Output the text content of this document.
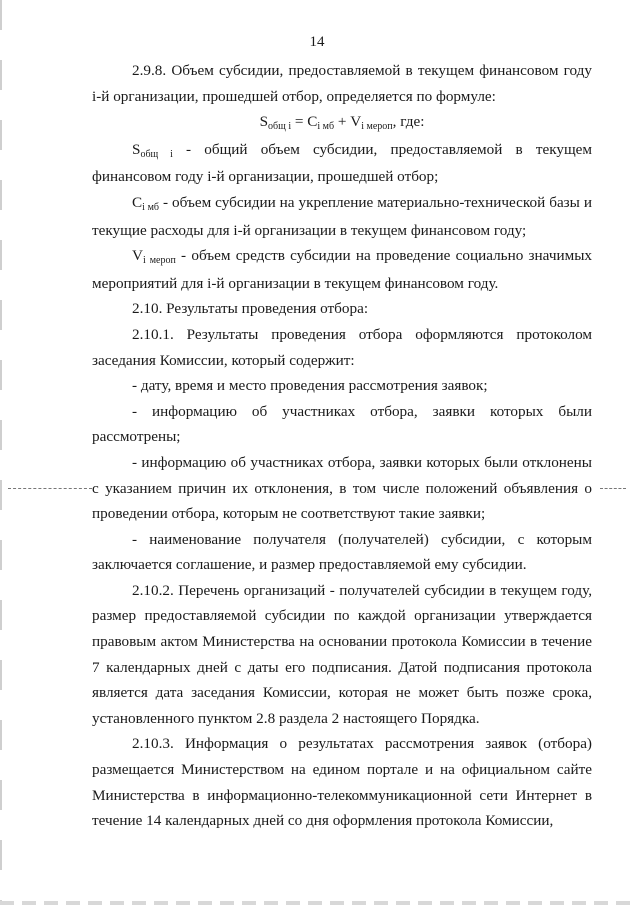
14

2.9.8. Объем субсидии, предоставляемой в текущем финансовом году i-й организации, прошедшей отбор, определяется по формуле:

Sобщ i = Ci мб + Vi мероп, где:

Sобщ i - общий объем субсидии, предоставляемой в текущем финансовом году i-й организации, прошедшей отбор;

Ci мб - объем субсидии на укрепление материально-технической базы и текущие расходы для i-й организации в текущем финансовом году;

Vi мероп - объем средств субсидии на проведение социально значимых мероприятий для i-й организации в текущем финансовом году.

2.10. Результаты проведения отбора:

2.10.1. Результаты проведения отбора оформляются протоколом заседания Комиссии, который содержит:

- дату, время и место проведения рассмотрения заявок;

- информацию об участниках отбора, заявки которых были рассмотрены;

- информацию об участниках отбора, заявки которых были отклонены с указанием причин их отклонения, в том числе положений объявления о проведении отбора, которым не соответствуют такие заявки;

- наименование получателя (получателей) субсидии, с которым заключается соглашение, и размер предоставляемой ему субсидии.

2.10.2. Перечень организаций - получателей субсидии в текущем году, размер предоставляемой субсидии по каждой организации утверждается правовым актом Министерства на основании протокола Комиссии в течение 7 календарных дней с даты его подписания. Датой подписания протокола является дата заседания Комиссии, которая не может быть позже срока, установленного пунктом 2.8 раздела 2 настоящего Порядка.

2.10.3. Информация о результатах рассмотрения заявок (отбора) размещается Министерством на едином портале и на официальном сайте Министерства в информационно-телекоммуникационной сети Интернет в течение 14 календарных дней со дня оформления протокола Комиссии,
